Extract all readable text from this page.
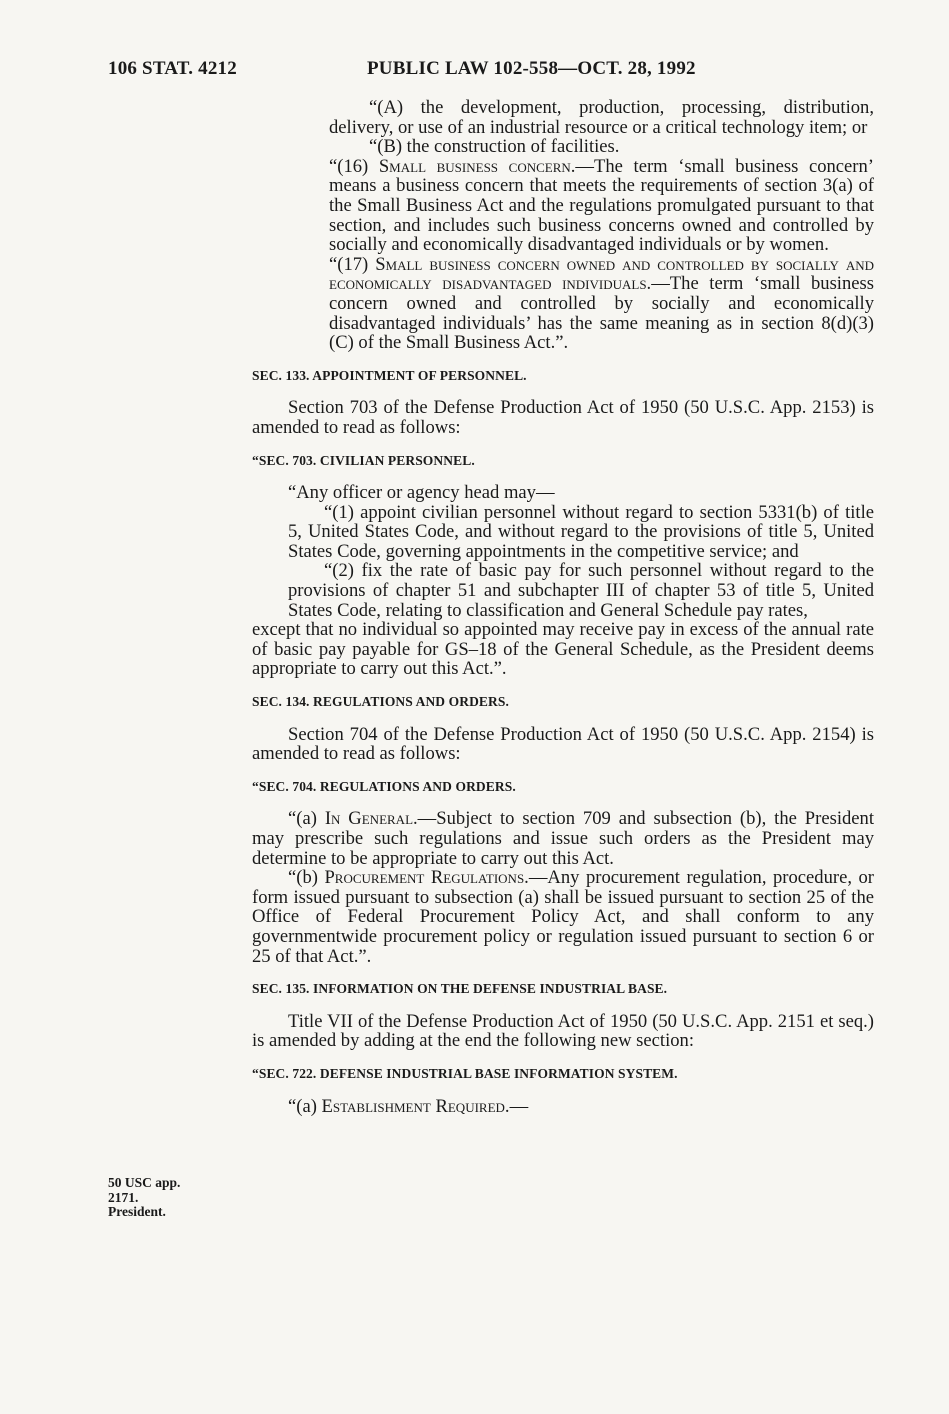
106 STAT. 4212	PUBLIC LAW 102-558—OCT. 28, 1992

“(A) the development, production, processing, distribution, delivery, or use of an industrial resource or a critical technology item; or

“(B) the construction of facilities.

“(16) Small business concern.—The term ‘small business concern’ means a business concern that meets the requirements of section 3(a) of the Small Business Act and the regulations promulgated pursuant to that section, and includes such business concerns owned and controlled by socially and economically disadvantaged individuals or by women.

“(17) Small business concern owned and controlled by socially and economically disadvantaged individuals.—The term ‘small business concern owned and controlled by socially and economically disadvantaged individuals’ has the same meaning as in section 8(d)(3)(C) of the Small Business Act.”.

SEC. 133. APPOINTMENT OF PERSONNEL.

Section 703 of the Defense Production Act of 1950 (50 U.S.C. App. 2153) is amended to read as follows:

“SEC. 703. CIVILIAN PERSONNEL.

“Any officer or agency head may—

“(1) appoint civilian personnel without regard to section 5331(b) of title 5, United States Code, and without regard to the provisions of title 5, United States Code, governing appointments in the competitive service; and

“(2) fix the rate of basic pay for such personnel without regard to the provisions of chapter 51 and subchapter III of chapter 53 of title 5, United States Code, relating to classification and General Schedule pay rates,

except that no individual so appointed may receive pay in excess of the annual rate of basic pay payable for GS–18 of the General Schedule, as the President deems appropriate to carry out this Act.”.

SEC. 134. REGULATIONS AND ORDERS.

Section 704 of the Defense Production Act of 1950 (50 U.S.C. App. 2154) is amended to read as follows:

“SEC. 704. REGULATIONS AND ORDERS.

“(a) In General.—Subject to section 709 and subsection (b), the President may prescribe such regulations and issue such orders as the President may determine to be appropriate to carry out this Act.

“(b) Procurement Regulations.—Any procurement regulation, procedure, or form issued pursuant to subsection (a) shall be issued pursuant to section 25 of the Office of Federal Procurement Policy Act, and shall conform to any governmentwide procurement policy or regulation issued pursuant to section 6 or 25 of that Act.”.

SEC. 135. INFORMATION ON THE DEFENSE INDUSTRIAL BASE.

Title VII of the Defense Production Act of 1950 (50 U.S.C. App. 2151 et seq.) is amended by adding at the end the following new section:

“SEC. 722. DEFENSE INDUSTRIAL BASE INFORMATION SYSTEM.

“(a) Establishment Required.—

50 USC app.
2171.
President.
